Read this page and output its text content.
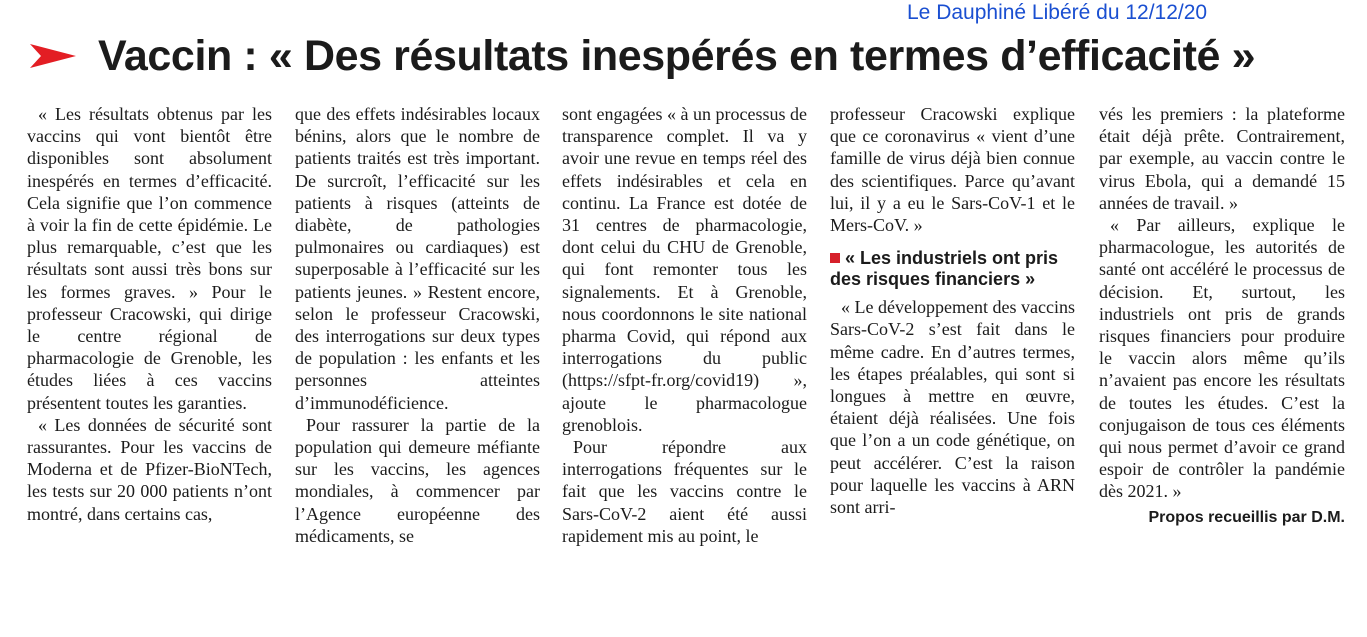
Le Dauphiné Libéré du 12/12/20
Vaccin : « Des résultats inespérés en termes d’efficacité »

« Les résultats obtenus par les vaccins qui vont bientôt être disponibles sont absolument inespérés en termes d’efficacité. Cela signifie que l’on commence à voir la fin de cette épidémie. Le plus remarquable, c’est que les résultats sont aussi très bons sur les formes graves. » Pour le professeur Cracowski, qui dirige le centre régional de pharmacologie de Grenoble, les études liées à ces vaccins présentent toutes les garanties.

« Les données de sécurité sont rassurantes. Pour les vaccins de Moderna et de Pfizer-BioNTech, les tests sur 20 000 patients n’ont montré, dans certains cas,

que des effets indésirables locaux bénins, alors que le nombre de patients traités est très important. De surcroît, l’efficacité sur les patients à risques (atteints de diabète, de pathologies pulmonaires ou cardiaques) est superposable à l’efficacité sur les patients jeunes. » Restent encore, selon le professeur Cracowski, des interrogations sur deux types de population : les enfants et les personnes atteintes d’immunodéficience.

Pour rassurer la partie de la population qui demeure méfiante sur les vaccins, les agences mondiales, à commencer par l’Agence européenne des médicaments, se

sont engagées « à un processus de transparence complet. Il va y avoir une revue en temps réel des effets indésirables et cela en continu. La France est dotée de 31 centres de pharmacologie, dont celui du CHU de Grenoble, qui font remonter tous les signalements. Et à Grenoble, nous coordonnons le site national pharma Covid, qui répond aux interrogations du public (https://sfpt-fr.org/covid19) », ajoute le pharmacologue grenoblois.

Pour répondre aux interrogations fréquentes sur le fait que les vaccins contre le Sars-CoV-2 aient été aussi rapidement mis au point, le

professeur Cracowski explique que ce coronavirus « vient d’une famille de virus déjà bien connue des scientifiques. Parce qu’avant lui, il y a eu le Sars-CoV-1 et le Mers-CoV. »

« Les industriels ont pris des risques financiers »

« Le développement des vaccins Sars-CoV-2 s’est fait dans le même cadre. En d’autres termes, les étapes préalables, qui sont si longues à mettre en œuvre, étaient déjà réalisées. Une fois que l’on a un code génétique, on peut accélérer. C’est la raison pour laquelle les vaccins à ARN sont arri-

vés les premiers : la plateforme était déjà prête. Contrairement, par exemple, au vaccin contre le virus Ebola, qui a demandé 15 années de travail. »

« Par ailleurs, explique le pharmacologue, les autorités de santé ont accéléré le processus de décision. Et, surtout, les industriels ont pris de grands risques financiers pour produire le vaccin alors même qu’ils n’avaient pas encore les résultats de toutes les études. C’est la conjugaison de tous ces éléments qui nous permet d’avoir ce grand espoir de contrôler la pandémie dès 2021. »

Propos recueillis par D.M.
